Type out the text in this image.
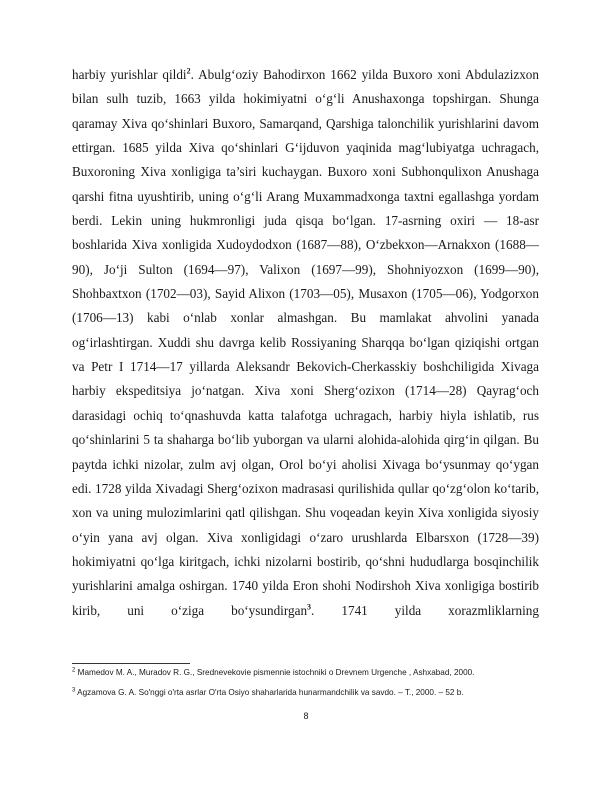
harbiy yurishlar qildi$^2$. Abulg‘oziy Bahodirxon 1662 yilda Buxoro xoni Abdulazizxon bilan sulh tuzib, 1663 yilda hokimiyatni o‘g‘li Anushaxonga topshirgan. Shunga qaramay Xiva qo‘shinlari Buxoro, Samarqand, Qarshiga talonchilik yurishlarini davom ettirgan. 1685 yilda Xiva qo‘shinlari G‘ijduvon yaqinida mag‘lubiyatga uchragach, Buxoroning Xiva xonligiga ta’siri kuchaygan. Buxoro xoni Subhonqulixon Anushaga qarshi fitna uyushtirib, uning o‘g‘li Arang Muxammadxonga taxtni egallashga yordam berdi. Lekin uning hukmronligi juda qisqa bo‘lgan. 17-asrning oxiri — 18-asr boshlarida Xiva xonligida Xudoydodxon (1687—88), O‘zbekxon—Arnakxon (1688—90), Jo‘ji Sulton (1694—97), Valixon (1697—99), Shohniyozxon (1699—90), Shohbaxtxon (1702—03), Sayid Alixon (1703—05), Musaxon (1705—06), Yodgorxon (1706—13) kabi o‘nlab xonlar almashgan. Bu mamlakat ahvolini yanada og‘irlashtirgan. Xuddi shu davrga kelib Rossiyaning Sharqqa bo‘lgan qiziqishi ortgan va Petr I 1714—17 yillarda Aleksandr Bekovich-Cherkasskiy boshchiligida Xivaga harbiy ekspeditsiya jo‘natgan. Xiva xoni Sherg‘ozixon (1714—28) Qayrag‘och darasidagi ochiq to‘qnashuvda katta talafotga uchragach, harbiy hiyla ishlatib, rus qo‘shinlarini 5 ta shaharga bo‘lib yuborgan va ularni alohida-alohida qirg‘in qilgan. Bu paytda ichki nizolar, zulm avj olgan, Orol bo‘yi aholisi Xivaga bo‘ysunmay qo‘ygan edi. 1728 yilda Xivadagi Sherg‘ozixon madrasasi qurilishida qullar qo‘zg‘olon ko‘tarib, xon va uning mulozimlarini qatl qilishgan. Shu voqeadan keyin Xiva xonligida siyosiy o‘yin yana avj olgan. Xiva xonligidagi o‘zaro urushlarda Elbarsxon (1728—39) hokimiyatni qo‘lga kiritgach, ichki nizolarni bostirib, qo‘shni hududlarga bosqinchilik yurishlarini amalga oshirgan. 1740 yilda Eron shohi Nodirshoh Xiva xonligiga bostirib kirib, uni o‘ziga bo‘ysundirgan$^3$. 1741 yilda xorazmliklarning

$^2$ Mamedov M. A., Muradov R. G., Srednevekovie pismennie istochniki o Drevnem Urgenche , Ashxabad, 2000.

$^3$ Agzamova G. A. So'nggi o'rta asrlar O'rta Osiyo shaharlarida hunarmandchilik va savdo. – T., 2000. – 52 b.

8
